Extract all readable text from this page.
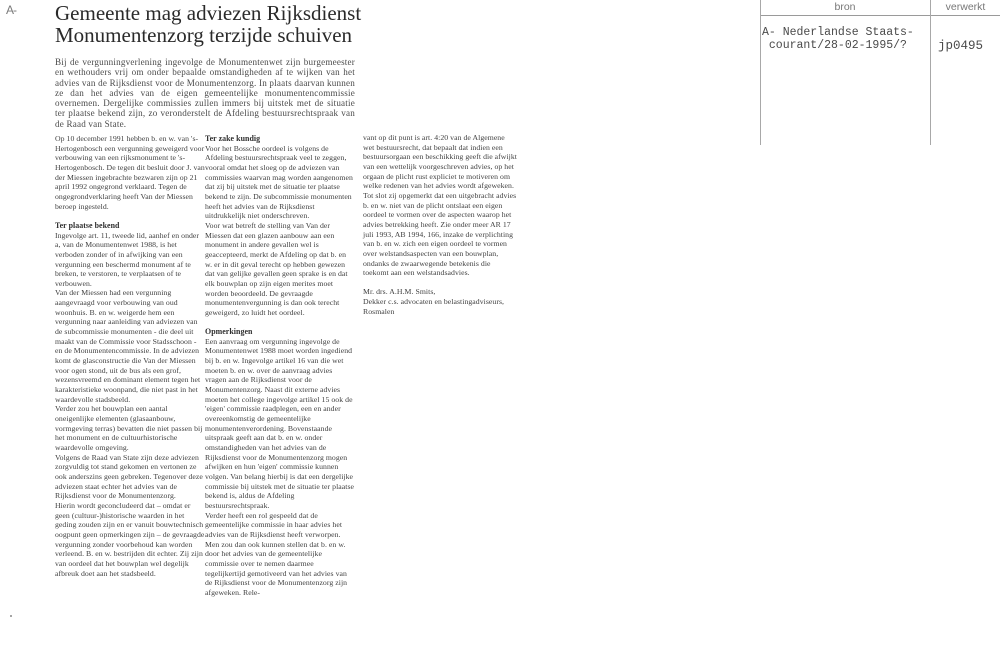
A- Gemeente mag adviezen Rijksdienst
Monumentenzorg terzijde schuiven

Bij de vergunningverlening ingevolge de Monumentenwet zijn burgemeester en wethouders vrij om onder bepaalde omstandigheden af te wijken van het advies van de Rijksdienst voor de Monumentenzorg. In plaats daarvan kunnen ze dan het advies van de eigen gemeentelijke monumentencommissie overnemen. Dergelijke commissies zullen immers bij uitstek met de situatie ter plaatse bekend zijn, zo veronderstelt de Afdeling bestuursrechtspraak van de Raad van State.

Op 10 december 1991 hebben b. en w. van 's-Hertogenbosch een vergunning geweigerd voor verbouwing van een rijksmonument te 's-Hertogenbosch. De tegen dit besluit door J. van der Miessen ingebrachte bezwaren zijn op 21 april 1992 ongegrond verklaard. Tegen de ongegrondverklaring heeft Van der Miessen beroep ingesteld.

Ter plaatse bekend

Ingevolge art. 11, tweede lid, aanhef en onder a, van de Monumentenwet 1988, is het verboden zonder of in afwijking van een vergunning een beschermd monument af te breken, te verstoren, te verplaatsen of te verbouwen.

Van der Miessen had een vergunning aangevraagd voor verbouwing van oud woonhuis. B. en w. weigerde hem een vergunning naar aanleiding van adviezen van de subcommissie monumenten - die deel uit maakt van de Commissie voor Stadsschoon - en de Monumentencommissie. In de adviezen komt de glasconstructie die Van der Miessen voor ogen stond, uit de bus als een grof, wezensvreemd en dominant element tegen het karakteristieke woonpand, die niet past in het waardevolle stadsbeeld.

Verder zou het bouwplan een aantal oneigenlijke elementen (glasaanbouw, vormgeving terras) bevatten die niet passen bij het monument en de cultuurhistorische waardevolle omgeving.

Volgens de Raad van State zijn deze adviezen zorgvuldig tot stand gekomen en vertonen ze ook anderszins geen gebreken. Tegenover deze adviezen staat echter het advies van de Rijksdienst voor de Monumentenzorg.

Hierin wordt geconcludeerd dat – omdat er geen (cultuur-)historische waarden in het geding zouden zijn en er vanuit bouwtechnisch oogpunt geen opmerkingen zijn – de gevraagde vergunning zonder voorbehoud kan worden verleend. B. en w. bestrijden dit echter. Zij zijn van oordeel dat het bouwplan wel degelijk afbreuk doet aan het stadsbeeld.

Ter zake kundig

Voor het Bossche oordeel is volgens de Afdeling bestuursrechtspraak veel te zeggen, vooral omdat het sloeg op de adviezen van commissies waarvan mag worden aangenomen dat zij bij uitstek met de situatie ter plaatse bekend te zijn. De subcommissie monumenten heeft het advies van de Rijksdienst uitdrukkelijk niet onderschreven.

Voor wat betreft de stelling van Van der Miessen dat een glazen aanbouw aan een monument in andere gevallen wel is geaccepteerd, merkt de Afdeling op dat b. en w. er in dit geval terecht op hebben gewezen dat van gelijke gevallen geen sprake is en dat elk bouwplan op zijn eigen merites moet worden beoordeeld. De gevraagde monumentenvergunning is dan ook terecht geweigerd, zo luidt het oordeel.

Opmerkingen

Een aanvraag om vergunning ingevolge de Monumentenwet 1988 moet worden ingediend bij b. en w. Ingevolge artikel 16 van die wet moeten b. en w. over de aanvraag advies vragen aan de Rijksdienst voor de Monumentenzorg. Naast dit externe advies moeten het college ingevolge artikel 15 ook de 'eigen' commissie raadplegen, een en ander overeenkomstig de gemeentelijke monumentenverordening. Bovenstaande uitspraak geeft aan dat b. en w. onder omstandigheden van het advies van de Rijksdienst voor de Monumentenzorg mogen afwijken en hun 'eigen' commissie kunnen volgen. Van belang hierbij is dat een dergelijke commissie bij uitstek met de situatie ter plaatse bekend is, aldus de Afdeling bestuursrechtspraak.

Verder heeft een rol gespeeld dat de gemeentelijke commissie in haar advies het advies van de Rijksdienst heeft verworpen. Men zou dan ook kunnen stellen dat b. en w. door het advies van de gemeentelijke commissie over te nemen daarmee tegelijkertijd gemotiveerd van het advies van de Rijksdienst voor de Monumentenzorg zijn afgeweken. Rele-

vant op dit punt is art. 4:20 van de Algemene wet bestuursrecht, dat bepaalt dat indien een bestuursorgaan een beschikking geeft die afwijkt van een wettelijk voorgeschreven advies, op het orgaan de plicht rust expliciet te motiveren om welke redenen van het advies wordt afgeweken.

Tot slot zij opgemerkt dat een uitgebracht advies b. en w. niet van de plicht ontslaat een eigen oordeel te vormen over de aspecten waarop het advies betrekking heeft. Zie onder meer AR 17 juli 1993, AB 1994, 166, inzake de verplichting van b. en w. zich een eigen oordeel te vormen over welstandsaspecten van een bouwplan, ondanks de zwaarwegende betekenis die toekomt aan een welstandsadvies.

Mr. drs. A.H.M. Smits,

Dekker c.s. advocaten en belastingadviseurs, Rosmalen

bron	verwerkt
A- Nederlandse Staats-
courant/28-02-1995/?	jp0495
